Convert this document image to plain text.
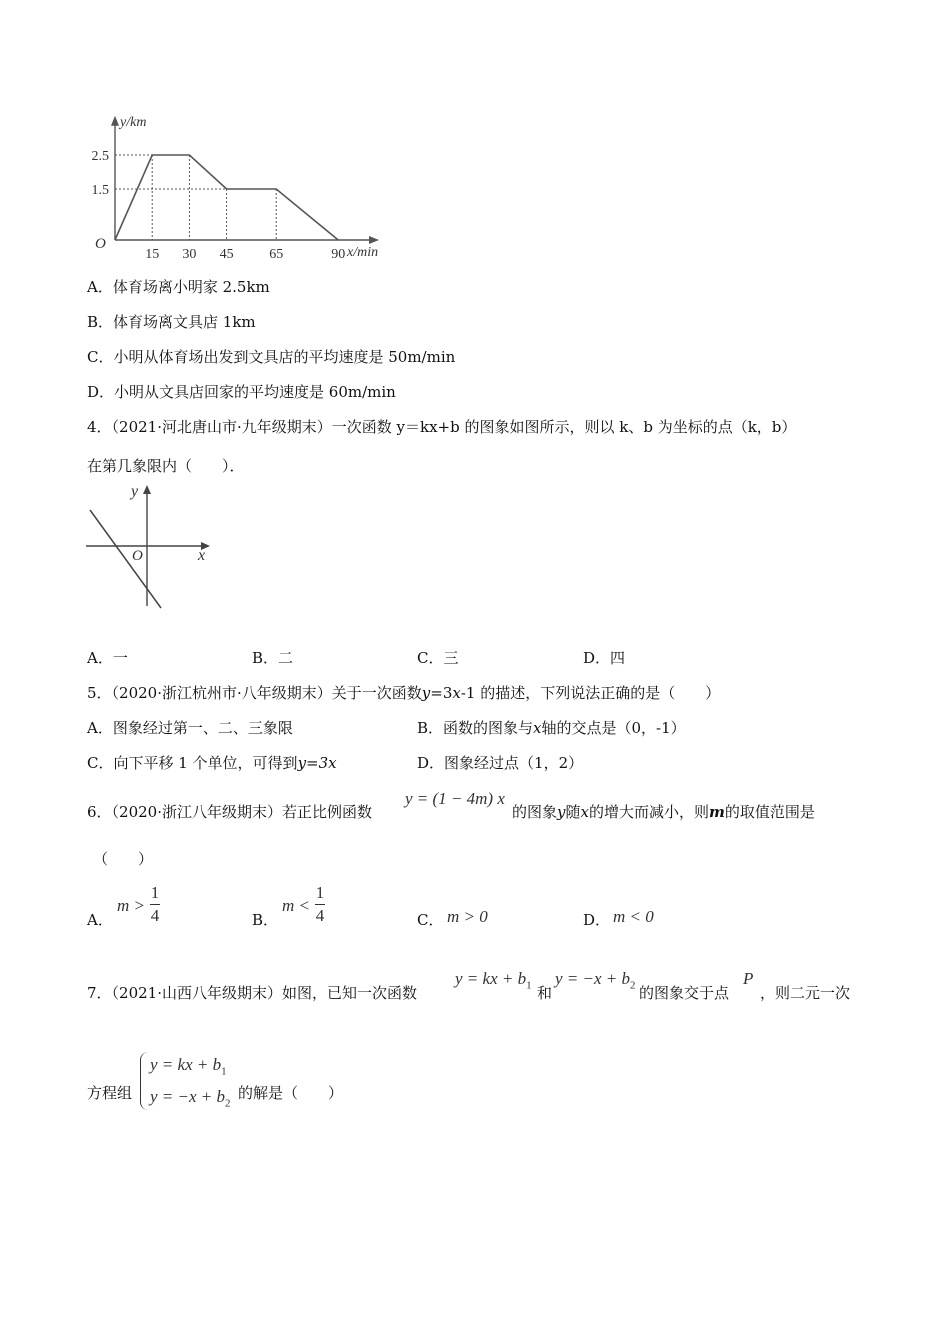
15 30 45	65	90
2.5
1.5
O
y/km
x/min
A．体育场离小明家 2.5km
B．体育场离文具店 1km
C．小明从体育场出发到文具店的平均速度是 50m/min
D．小明从文具店回家的平均速度是 60m/min
4．（2021·河北唐山市·九年级期末）一次函数 y＝kx+b 的图象如图所示，则以 k、b 为坐标的点（k，b）
在第几象限内（　　）．
x
y
O
A．一	B．二	C．三	D．四
5．（2020·浙江杭州市·八年级期末）关于一次函数y=3x-1 的描述，下列说法正确的是（　　）
A．图象经过第一、二、三象限	B．函数的图象与x轴的交点是（0，-1）
C．向下平移 1 个单位，可得到y=3x	D．图象经过点（1，2）
6．（2020·浙江八年级期末）若正比例函数
y = (1 − 4m) x
的图象y随x的增大而减小，则m的取值范围是
（　　）
A．
m >
1
4	B．
m <
1
4	C． m > 0	D． m < 0
7．（2021·山西八年级期末）如图，已知一次函数
y = kx + $b_1$ 和
$y = -x + b_2$ 的图象交于点
P
，则二元一次
方程组
y = kx + $b_1$
$y = -x + b_2$
的解是（　　）
